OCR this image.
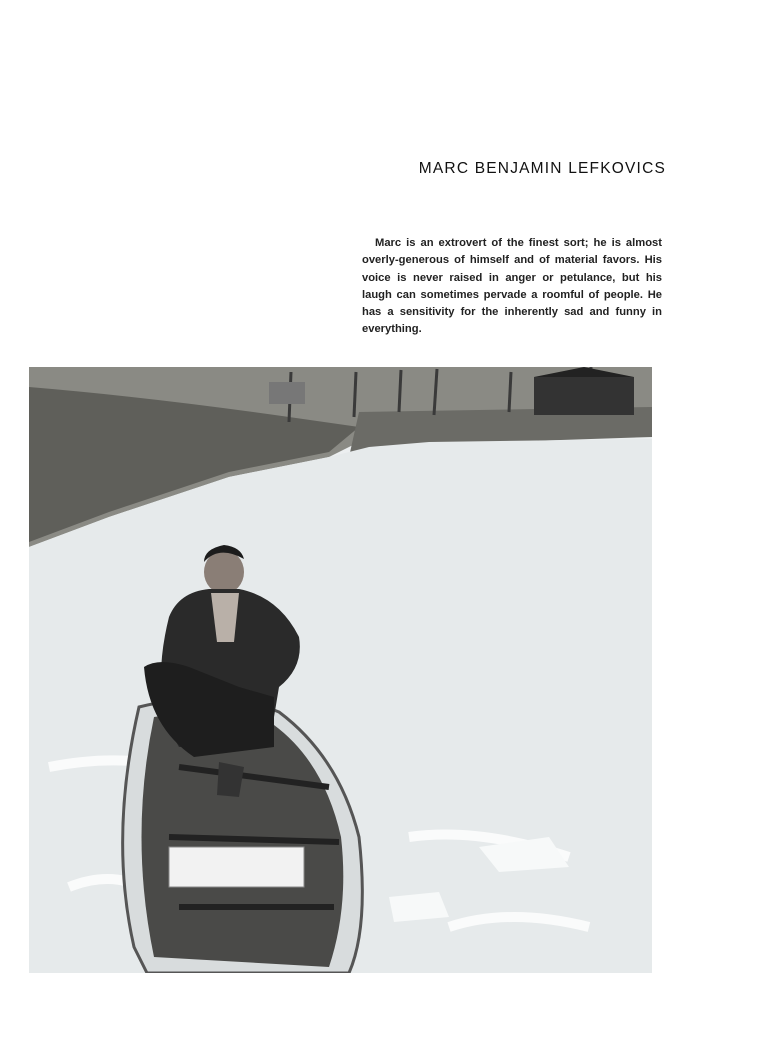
MARC BENJAMIN LEFKOVICS

Marc is an extrovert of the finest sort; he is almost overly-generous of himself and of material favors. His voice is never raised in anger or petulance, but his laugh can sometimes pervade a roomful of people. He has a sensitivity for the inherently sad and funny in everything.
